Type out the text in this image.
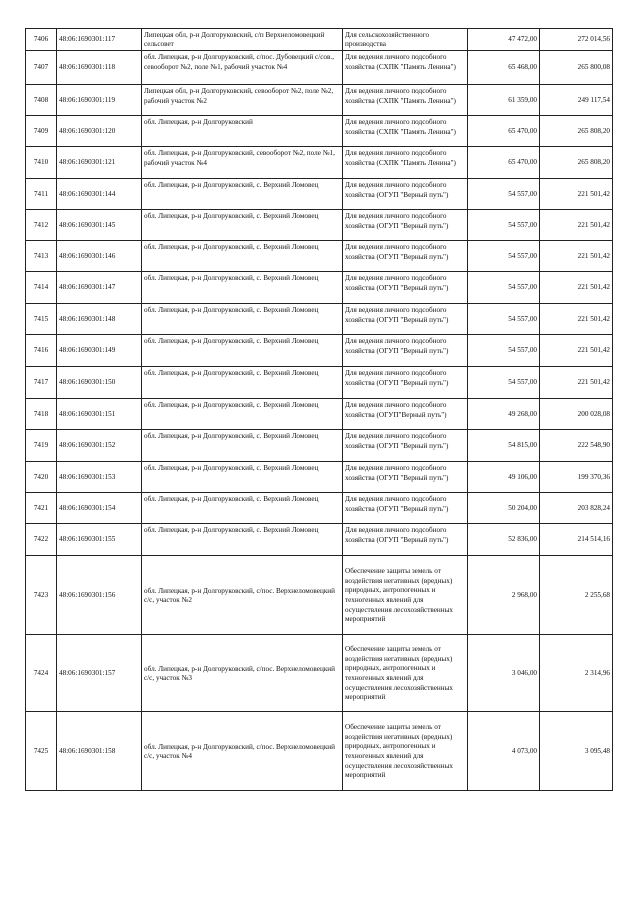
7406	48:06:1690301:117	Липецкая обл, р-н Долгоруковский, с/п Верхнеломовецкий сельсовет	Для сельскохозяйственного производства	47 472,00	272 014,56
7407	48:06:1690301:118	обл. Липецкая, р-н Долгоруковский, с/пос. Дубовецкий с/сов., севооборот №2, поле №1, рабочий участок №4	Для ведения личного подсобного хозяйства (СХПК "Память Ленина")	65 468,00	265 800,08
7408	48:06:1690301:119	Липецкая обл, р-н Долгоруковский, севооборот №2, поле №2, рабочий участок №2	Для ведения личного подсобного хозяйства (СХПК "Память Ленина")	61 359,00	249 117,54
7409	48:06:1690301:120	обл. Липецкая, р-н Долгоруковский	Для ведения личного подсобного хозяйства (СХПК "Память Ленина")	65 470,00	265 808,20
7410	48:06:1690301:121	обл. Липецкая, р-н Долгоруковский, севооборот №2, поле №1, рабочий участок №4	Для ведения личного подсобного хозяйства (СХПК "Память Ленина")	65 470,00	265 808,20
7411	48:06:1690301:144	обл. Липецкая, р-н Долгоруковский, с. Верхний Ломовец	Для ведения личного подсобного хозяйства (ОГУП "Верный путь")	54 557,00	221 501,42
7412	48:06:1690301:145	обл. Липецкая, р-н Долгоруковский, с. Верхний Ломовец	Для ведения личного подсобного хозяйства (ОГУП "Верный путь")	54 557,00	221 501,42
7413	48:06:1690301:146	обл. Липецкая, р-н Долгоруковский, с. Верхний Ломовец	Для ведения личного подсобного хозяйства (ОГУП "Верный путь")	54 557,00	221 501,42
7414	48:06:1690301:147	обл. Липецкая, р-н Долгоруковский, с. Верхний Ломовец	Для ведения личного подсобного хозяйства (ОГУП "Верный путь")	54 557,00	221 501,42
7415	48:06:1690301:148	обл. Липецкая, р-н Долгоруковский, с. Верхний Ломовец	Для ведения личного подсобного хозяйства (ОГУП "Верный путь")	54 557,00	221 501,42
7416	48:06:1690301:149	обл. Липецкая, р-н Долгоруковский, с. Верхний Ломовец	Для ведения личного подсобного хозяйства (ОГУП "Верный путь")	54 557,00	221 501,42
7417	48:06:1690301:150	обл. Липецкая, р-н Долгоруковский, с. Верхний Ломовец	Для ведения личного подсобного хозяйства (ОГУП "Верный путь")	54 557,00	221 501,42
7418	48:06:1690301:151	обл. Липецкая, р-н Долгоруковский, с. Верхний Ломовец	Для ведения личного подсобного хозяйства (ОГУП"Верный путь")	49 268,00	200 028,08
7419	48:06:1690301:152	обл. Липецкая, р-н Долгоруковский, с. Верхний Ломовец	Для ведения личного подсобного хозяйства (ОГУП "Верный путь")	54 815,00	222 548,90
7420	48:06:1690301:153	обл. Липецкая, р-н Долгоруковский, с. Верхний Ломовец	Для ведения личного подсобного хозяйства (ОГУП "Верный путь")	49 106,00	199 370,36
7421	48:06:1690301:154	обл. Липецкая, р-н Долгоруковский, с. Верхний Ломовец	Для ведения личного подсобного хозяйства (ОГУП "Верный путь")	50 204,00	203 828,24
7422	48:06:1690301:155	обл. Липецкая, р-н Долгоруковский, с. Верхний Ломовец	Для ведения личного подсобного хозяйства (ОГУП "Верный путь")	52 836,00	214 514,16
7423	48:06:1690301:156	обл. Липецкая, р-н Долгоруковский, с/пос. Верхнеломовецкий с/с, участок №2	Обеспечение защиты земель от воздействия негативных (вредных) природных, антропогенных и техногенных явлений для осуществления лесохозяйственных мероприятий	2 968,00	2 255,68
7424	48:06:1690301:157	обл. Липецкая, р-н Долгоруковский, с/пос. Верхнеломовецкий с/с, участок №3	Обеспечение защиты земель от воздействия негативных (вредных) природных, антропогенных и техногенных явлений для осуществления лесохозяйственных мероприятий	3 046,00	2 314,96
7425	48:06:1690301:158	обл. Липецкая, р-н Долгоруковский, с/пос. Верхнеломовецкий с/с, участок №4	Обеспечение защиты земель от воздействия негативных (вредных) природных, антропогенных и техногенных явлений для осуществления лесохозяйственных мероприятий	4 073,00	3 095,48
